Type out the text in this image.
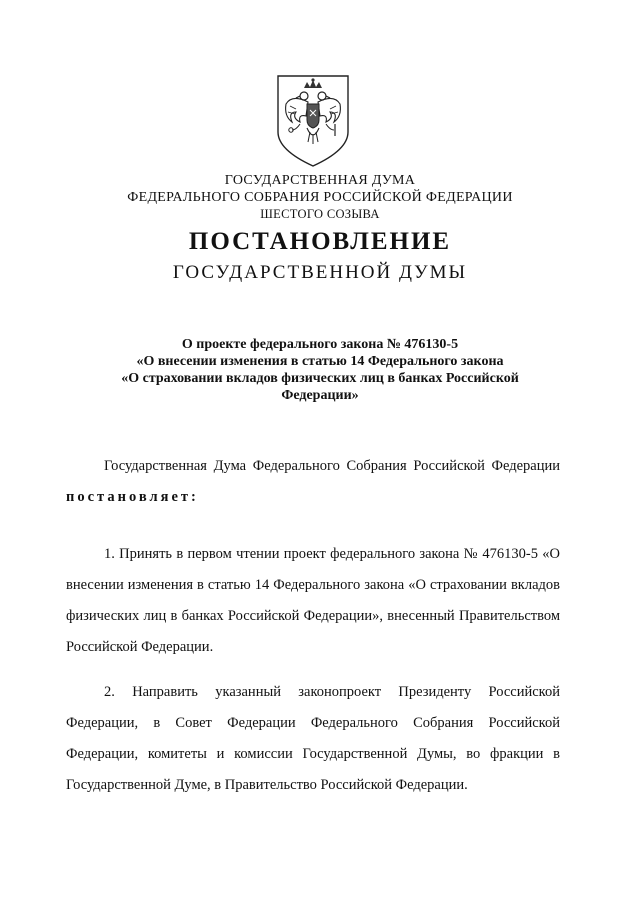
ГОСУДАРСТВЕННАЯ ДУМА
ФЕДЕРАЛЬНОГО СОБРАНИЯ РОССИЙСКОЙ ФЕДЕРАЦИИ
ШЕСТОГО СОЗЫВА
ПОСТАНОВЛЕНИЕ
ГОСУДАРСТВЕННОЙ ДУМЫ
О проекте федерального закона № 476130-5
«О внесении изменения в статью 14 Федерального закона
«О страховании вкладов физических лиц в банках Российской
Федерации»
Государственная Дума Федерального Собрания Российской Федерации постановляет:
1. Принять в первом чтении проект федерального закона № 476130-5 «О внесении изменения в статью 14 Федерального закона «О страховании вкладов физических лиц в банках Российской Федерации», внесенный Правительством Российской Федерации.
2. Направить указанный законопроект Президенту Российской Федерации, в Совет Федерации Федерального Собрания Российской Федерации, комитеты и комиссии Государственной Думы, во фракции в Государственной Думе, в Правительство Российской Федерации.
